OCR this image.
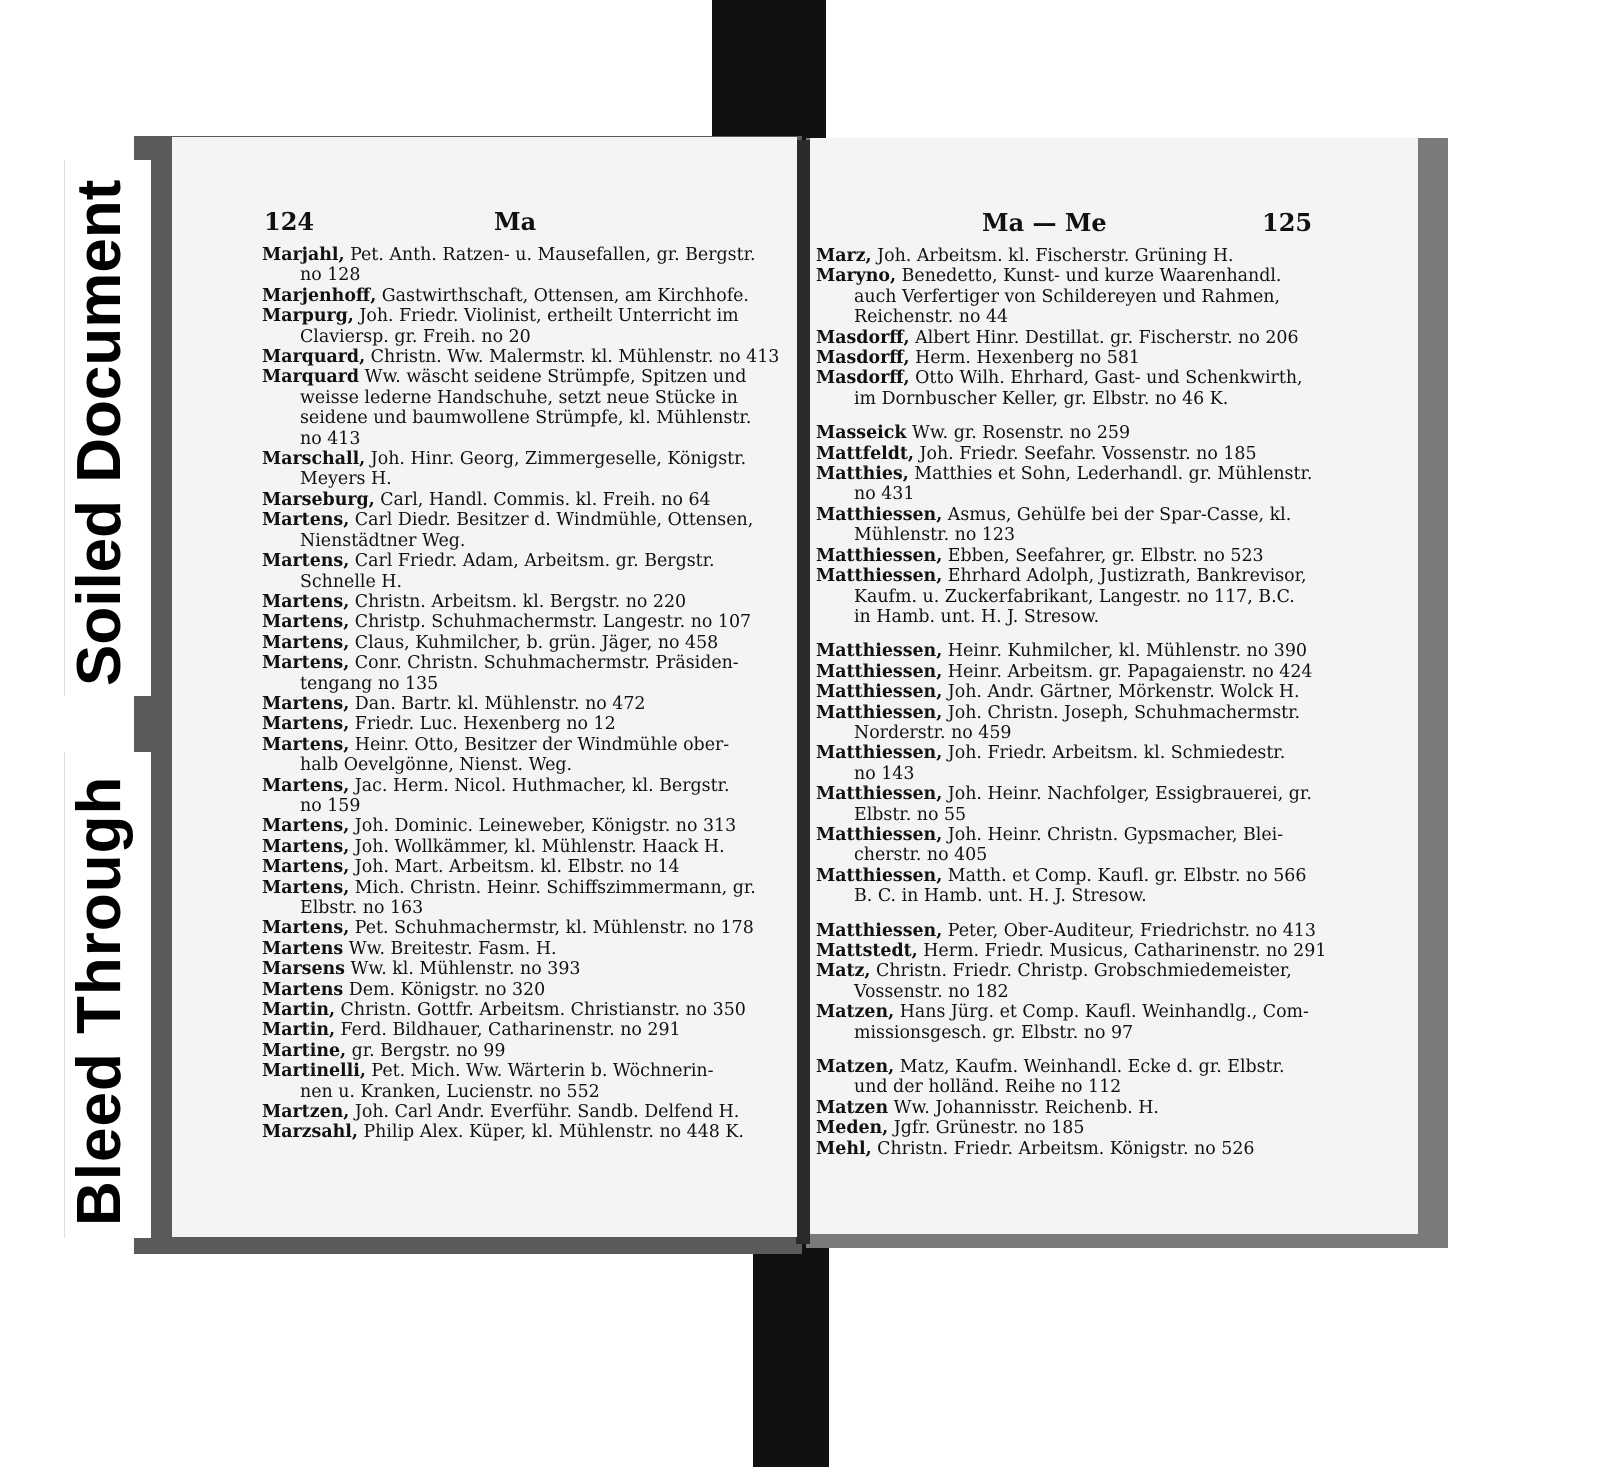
124	Ma
Marjahl, Pet. Anth. Ratzen- u. Mausefallen, gr. Bergstr.
no 128
Marjenhoff, Gastwirthschaft, Ottensen, am Kirchhofe.
Marpurg, Joh. Friedr. Violinist, ertheilt Unterricht im
Claviersp. gr. Freih. no 20
Marquard, Christn. Ww. Malermstr. kl. Mühlenstr. no 413
Marquard Ww. wäscht seidene Strümpfe, Spitzen und
weisse lederne Handschuhe, setzt neue Stücke in
seidene und baumwollene Strümpfe, kl. Mühlenstr.
no 413
Marschall, Joh. Hinr. Georg, Zimmergeselle, Königstr.
Meyers H.
Marseburg, Carl, Handl. Commis. kl. Freih. no 64
Martens, Carl Diedr. Besitzer d. Windmühle, Ottensen,
Nienstädtner Weg.
Martens, Carl Friedr. Adam, Arbeitsm. gr. Bergstr.
Schnelle H.
Martens, Christn. Arbeitsm. kl. Bergstr. no 220
Martens, Christp. Schuhmachermstr. Langestr. no 107
Martens, Claus, Kuhmilcher, b. grün. Jäger, no 458
Martens, Conr. Christn. Schuhmachermstr. Präsiden-
tengang no 135
Martens, Dan. Bartr. kl. Mühlenstr. no 472
Martens, Friedr. Luc. Hexenberg no 12
Martens, Heinr. Otto, Besitzer der Windmühle ober-
halb Oevelgönne, Nienst. Weg.
Martens, Jac. Herm. Nicol. Huthmacher, kl. Bergstr.
no 159
Martens, Joh. Dominic. Leineweber, Königstr. no 313
Martens, Joh. Wollkämmer, kl. Mühlenstr. Haack H.
Martens, Joh. Mart. Arbeitsm. kl. Elbstr. no 14
Martens, Mich. Christn. Heinr. Schiffszimmermann, gr.
Elbstr. no 163
Martens, Pet. Schuhmachermstr, kl. Mühlenstr. no 178
Martens Ww. Breitestr. Fasm. H.
Marsens Ww. kl. Mühlenstr. no 393
Martens Dem. Königstr. no 320
Martin, Christn. Gottfr. Arbeitsm. Christianstr. no 350
Martin, Ferd. Bildhauer, Catharinenstr. no 291
Martine, gr. Bergstr. no 99
Martinelli, Pet. Mich. Ww. Wärterin b. Wöchnerin-
nen u. Kranken, Lucienstr. no 552
Martzen, Joh. Carl Andr. Everführ. Sandb. Delfend H.
Marzsahl, Philip Alex. Küper, kl. Mühlenstr. no 448 K.
Ma — Me	125
Marz, Joh. Arbeitsm. kl. Fischerstr. Grüning H.
Maryno, Benedetto, Kunst- und kurze Waarenhandl.
auch Verfertiger von Schildereyen und Rahmen,
Reichenstr. no 44
Masdorff, Albert Hinr. Destillat. gr. Fischerstr. no 206
Masdorff, Herm. Hexenberg no 581
Masdorff, Otto Wilh. Ehrhard, Gast- und Schenkwirth,
im Dornbuscher Keller, gr. Elbstr. no 46 K.
Masseick Ww. gr. Rosenstr. no 259
Mattfeldt, Joh. Friedr. Seefahr. Vossenstr. no 185
Matthies, Matthies et Sohn, Lederhandl. gr. Mühlenstr.
no 431
Matthiessen, Asmus, Gehülfe bei der Spar-Casse, kl.
Mühlenstr. no 123
Matthiessen, Ebben, Seefahrer, gr. Elbstr. no 523
Matthiessen, Ehrhard Adolph, Justizrath, Bankrevisor,
Kaufm. u. Zuckerfabrikant, Langestr. no 117, B.C.
in Hamb. unt. H. J. Stresow.
Matthiessen, Heinr. Kuhmilcher, kl. Mühlenstr. no 390
Matthiessen, Heinr. Arbeitsm. gr. Papagaienstr. no 424
Matthiessen, Joh. Andr. Gärtner, Mörkenstr. Wolck H.
Matthiessen, Joh. Christn. Joseph, Schuhmachermstr.
Norderstr. no 459
Matthiessen, Joh. Friedr. Arbeitsm. kl. Schmiedestr.
no 143
Matthiessen, Joh. Heinr. Nachfolger, Essigbrauerei, gr.
Elbstr. no 55
Matthiessen, Joh. Heinr. Christn. Gypsmacher, Blei-
cherstr. no 405
Matthiessen, Matth. et Comp. Kaufl. gr. Elbstr. no 566
B. C. in Hamb. unt. H. J. Stresow.
Matthiessen, Peter, Ober-Auditeur, Friedrichstr. no 413
Mattstedt, Herm. Friedr. Musicus, Catharinenstr. no 291
Matz, Christn. Friedr. Christp. Grobschmiedemeister,
Vossenstr. no 182
Matzen, Hans Jürg. et Comp. Kaufl. Weinhandlg., Com-
missionsgesch. gr. Elbstr. no 97
Matzen, Matz, Kaufm. Weinhandl. Ecke d. gr. Elbstr.
und der holländ. Reihe no 112
Matzen Ww. Johannisstr. Reichenb. H.
Meden, Jgfr. Grünestr. no 185
Mehl, Christn. Friedr. Arbeitsm. Königstr. no 526
Soiled Document
Bleed Through
